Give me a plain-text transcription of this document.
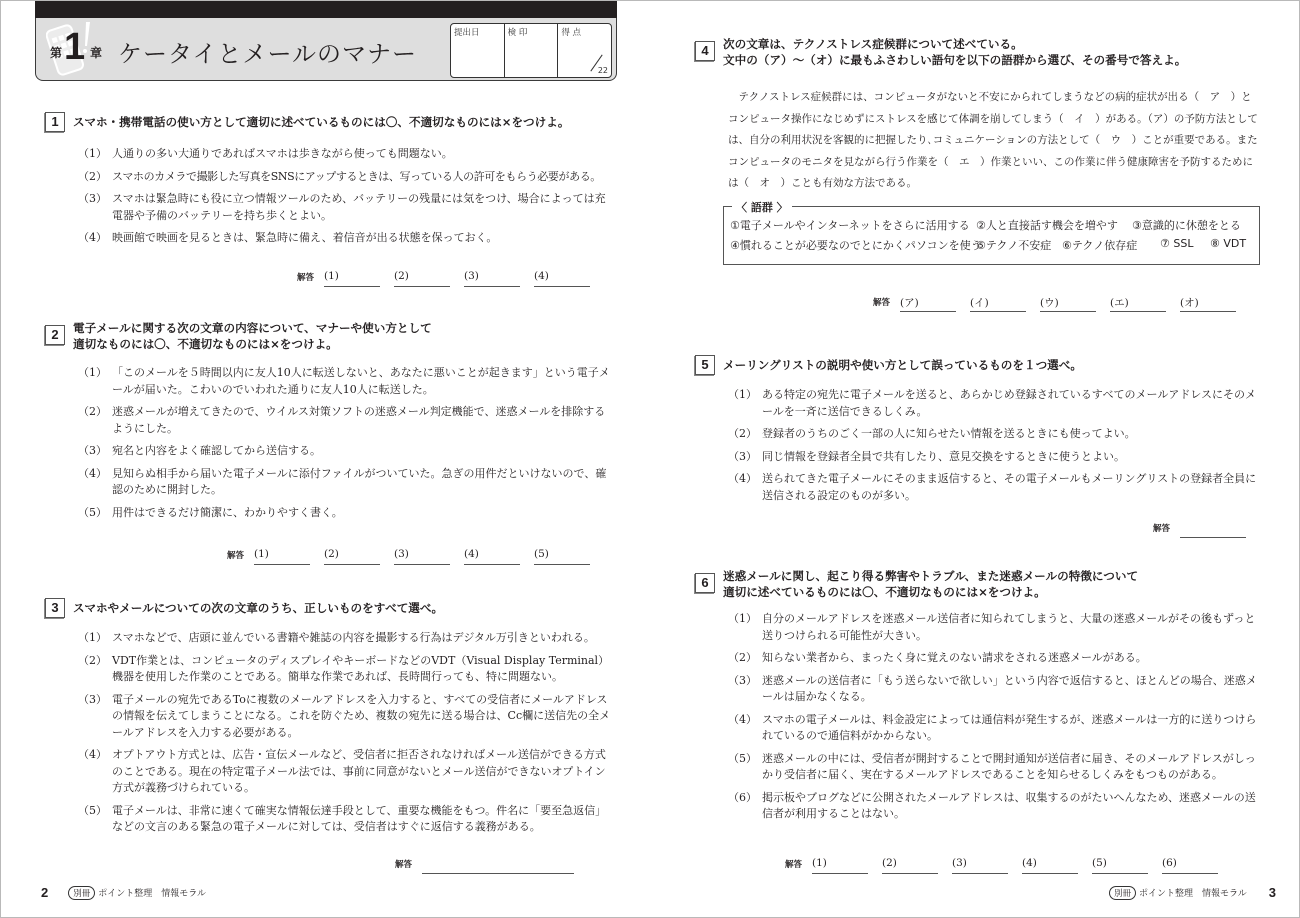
第 1 章 ケータイとメールのマナー
提出日	検 印	得 点
22
1	スマホ・携帯電話の使い方として適切に述べているものには〇、不適切なものには×をつけよ。
（1） 人通りの多い大通りであればスマホは歩きながら使っても問題ない。
（2） スマホのカメラで撮影した写真をSNSにアップするときは、写っている人の許可をもらう必要がある。
（3） スマホは緊急時にも役に立つ情報ツールのため、バッテリーの残量には気をつけ、場合によっては充電器や予備のバッテリーを持ち歩くとよい。
（4） 映画館で映画を見るときは、緊急時に備え、着信音が出る状態を保っておく。
解答 (1)	(2)	(3)	(4)
2	電子メールに関する次の文章の内容について、マナーや使い方として
適切なものには〇、不適切なものには×をつけよ。
（1） 「このメールを５時間以内に友人10人に転送しないと、あなたに悪いことが起きます」という電子メールが届いた。こわいのでいわれた通りに友人10人に転送した。
（2） 迷惑メールが増えてきたので、ウイルス対策ソフトの迷惑メール判定機能で、迷惑メールを排除するようにした。
（3） 宛名と内容をよく確認してから送信する。
（4） 見知らぬ相手から届いた電子メールに添付ファイルがついていた。急ぎの用件だといけないので、確認のために開封した。
（5） 用件はできるだけ簡潔に、わかりやすく書く。
解答 (1)	(2)	(3)	(4)	(5)
3	スマホやメールについての次の文章のうち、正しいものをすべて選べ。
（1） スマホなどで、店頭に並んでいる書籍や雑誌の内容を撮影する行為はデジタル万引きといわれる。
（2） VDT作業とは、コンピュータのディスプレイやキーボードなどのVDT（Visual Display Terminal）機器を使用した作業のことである。簡単な作業であれば、長時間行っても、特に問題ない。
（3） 電子メールの宛先であるToに複数のメールアドレスを入力すると、すべての受信者にメールアドレスの情報を伝えてしまうことになる。これを防ぐため、複数の宛先に送る場合は、Cc欄に送信先の全メールアドレスを入力する必要がある。
（4） オプトアウト方式とは、広告・宣伝メールなど、受信者に拒否されなければメール送信ができる方式のことである。現在の特定電子メール法では、事前に同意がないとメール送信ができないオプトイン方式が義務づけられている。
（5） 電子メールは、非常に速くて確実な情報伝達手段として、重要な機能をもつ。件名に「要至急返信」などの文言のある緊急の電子メールに対しては、受信者はすぐに返信する義務がある。
解答
2	別冊 ポイント整理　情報モラル
4	次の文章は、テクノストレス症候群について述べている。
文中の（ア）～（オ）に最もふさわしい語句を以下の語群から選び、その番号で答えよ。
テクノストレス症候群には、コンピュータがないと不安にかられてしまうなどの病的症状が出る（　ア　）とコンピュータ操作になじめずにストレスを感じて体調を崩してしまう（　イ　）がある。（ア）の予防方法としては、自分の利用状況を客観的に把握したり､コミュニケーションの方法として（　ウ　）ことが重要である。またコンピュータのモニタを見ながら行う作業を（　エ　）作業といい、この作業に伴う健康障害を予防するためには（　オ　）ことも有効な方法である。
〈 語群 〉
①電子メールやインターネットをさらに活用する ②人と直接話す機会を増やす ③意識的に休憩をとる
④慣れることが必要なのでとにかくパソコンを使う
⑤テクノ不安症 ⑥テクノ依存症 ⑦ SSL ⑧ VDT
解答 (ア)	(イ)	(ウ)	(エ)	(オ)
5	メーリングリストの説明や使い方として誤っているものを１つ選べ。
（1） ある特定の宛先に電子メールを送ると、あらかじめ登録されているすべてのメールアドレスにそのメールを一斉に送信できるしくみ。
（2） 登録者のうちのごく一部の人に知らせたい情報を送るときにも使ってよい。
（3） 同じ情報を登録者全員で共有したり、意見交換をするときに使うとよい。
（4） 送られてきた電子メールにそのまま返信すると、その電子メールもメーリングリストの登録者全員に送信される設定のものが多い。
解答
6	迷惑メールに関し、起こり得る弊害やトラブル、また迷惑メールの特徴について
適切に述べているものには〇、不適切なものには×をつけよ。
（1） 自分のメールアドレスを迷惑メール送信者に知られてしまうと、大量の迷惑メールがその後もずっと送りつけられる可能性が大きい。
（2） 知らない業者から、まったく身に覚えのない請求をされる迷惑メールがある。
（3） 迷惑メールの送信者に「もう送らないで欲しい」という内容で返信すると、ほとんどの場合、迷惑メールは届かなくなる。
（4） スマホの電子メールは、料金設定によっては通信料が発生するが、迷惑メールは一方的に送りつけられているので通信料がかからない。
（5） 迷惑メールの中には、受信者が開封することで開封通知が送信者に届き、そのメールアドレスがしっかり受信者に届く、実在するメールアドレスであることを知らせるしくみをもつものがある。
（6） 掲示板やブログなどに公開されたメールアドレスは、収集するのがたいへんなため、迷惑メールの送信者が利用することはない。
解答 (1)	(2)	(3)	(4)	(5)	(6)
別冊 ポイント整理　情報モラル 3
